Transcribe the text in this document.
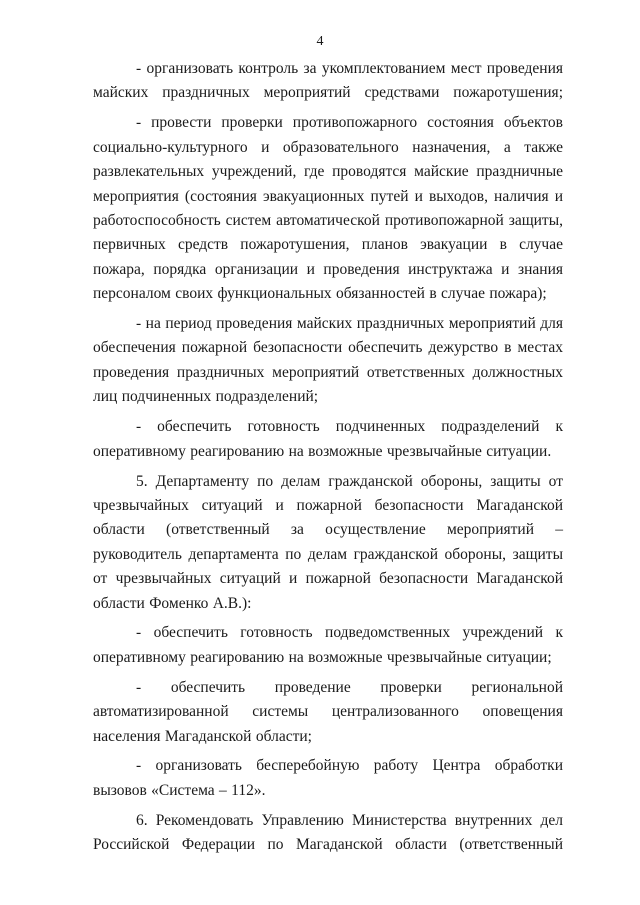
4

- организовать контроль за укомплектованием мест проведения майских праздничных мероприятий средствами пожаротушения;

- провести проверки противопожарного состояния объектов социально-культурного и образовательного назначения, а также развлекательных учреждений, где проводятся майские праздничные мероприятия (состояния эвакуационных путей и выходов, наличия и работоспособность систем автоматической противопожарной защиты, первичных средств пожаротушения, планов эвакуации в случае пожара, порядка организации и проведения инструктажа и знания персоналом своих функциональных обязанностей в случае пожара);

- на период проведения майских праздничных мероприятий для обеспечения пожарной безопасности обеспечить дежурство в местах проведения праздничных мероприятий ответственных должностных лиц подчиненных подразделений;

- обеспечить готовность подчиненных подразделений к оперативному реагированию на возможные чрезвычайные ситуации.

5. Департаменту по делам гражданской обороны, защиты от чрезвычайных ситуаций и пожарной безопасности Магаданской области (ответственный за осуществление мероприятий – руководитель департамента по делам гражданской обороны, защиты от чрезвычайных ситуаций и пожарной безопасности Магаданской области Фоменко А.В.):

- обеспечить готовность подведомственных учреждений к оперативному реагированию на возможные чрезвычайные ситуации;

- обеспечить проведение проверки региональной автоматизированной системы централизованного оповещения населения Магаданской области;

- организовать бесперебойную работу Центра обработки вызовов «Система – 112».

6. Рекомендовать Управлению Министерства внутренних дел Российской Федерации по Магаданской области (ответственный
